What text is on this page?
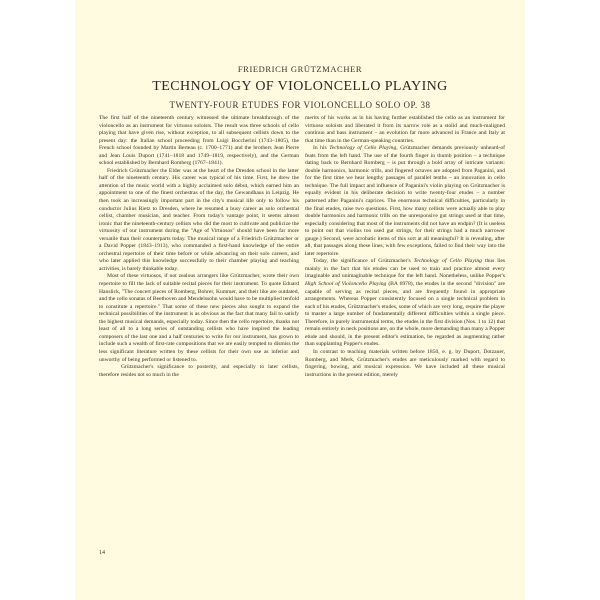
FRIEDRICH GRÜTZMACHER
TECHNOLOGY OF VIOLONCELLO PLAYING
TWENTY-FOUR ETUDES FOR VIOLONCELLO SOLO OP. 38

The first half of the nineteenth century witnessed the ultimate breakthrough of the violoncello as an instrument for virtuoso soloists. The result was three schools of cello playing that have given rise, without exception, to all subsequent cellists down to the present day: the Italian school proceeding from Luigi Boccherini (1743–1805), the French school founded by Martin Berteau (c. 1700–1771) and the brothers Jean Pierre and Jean Louis Duport (1741–1818 and 1749–1819, respectively), and the German school established by Bernhard Romberg (1767–1841).

Friedrich Grützmacher the Elder was at the heart of the Dresden school in the latter half of the nineteenth century. His career was typical of his time. First, he drew the attention of the music world with a highly acclaimed solo début, which earned him an appointment to one of the finest orchestras of the day, the Gewandhaus in Leipzig. He then took an increasingly important part in the city's musical life only to follow his conductor Julius Rietz to Dresden, where he resumed a busy career as solo orchestral cellist, chamber musician, and teacher. From today's vantage point, it seems almost ironic that the nineteenth-century cellists who did the most to cultivate and publicize the virtuosity of our instrument during the "Age of Virtuosos" should have been far more versatile than their counterparts today. The musical range of a Friedrich Grützmacher or a David Popper (1843–1913), who commanded a first-hand knowledge of the entire orchestral repertoire of their time before or while advancing on their solo careers, and who later applied this knowledge successfully to their chamber playing and teaching activities, is barely thinkable today.

Most of these virtuosos, if not zealous arrangers like Grützmacher, wrote their own repertoire to fill the lack of suitable recital pieces for their instrument. To quote Eduard Hanslick, "The concert pieces of Romberg, Bohrer, Kummer, and their like are outdated, and the cello sonatas of Beethoven and Mendelssohn would have to be multiplied tenfold to constitute a repertoire." That some of these new pieces also sought to expand the technical possibilities of the instrument is as obvious as the fact that many fail to satisfy the highest musical demands, especially today. Since then the cello repertoire, thanks not least of all to a long series of outstanding cellists who have inspired the leading composers of the last one and a half centuries to write for our instrument, has grown to include such a wealth of first-rate compositions that we are easily tempted to dismiss the less significant literature written by these cellists for their own use as inferior and unworthy of being performed or listened to.

Grützmacher's significance to posterity, and especially to later cellists, therefore resides not so much in the

merits of his works as in his having further established the cello as an instrument for virtuoso soloists and liberated it from its narrow role as a stolid and much-maligned continuo and bass instrument – an evolution far more advanced in France and Italy at that time than in the German-speaking countries.

In his Technology of Cello Playing, Grützmacher demands previously unheard-of feats from the left hand. The use of the fourth finger in thumb position – a technique dating back to Bernhard Romberg – is put through a bold array of intricate variants: double harmonics, harmonic trills, and fingered octaves are adopted from Paganini, and for the first time we hear lengthy passages of parallel tenths – an innovation in cello technique. The full impact and influence of Paganini's violin playing on Grützmacher is equally evident in his deliberate decision to write twenty-four etudes – a number patterned after Paganini's caprices. The enormous technical difficulties, particularly in the final etudes, raise two questions. First, how many cellists were actually able to play double harmonics and harmonic trills on the unresponsive gut strings used at that time, especially considering that most of the instruments did not have an endpin? (It is useless to point out that violins too used gut strings, for their strings had a much narrower gauge.) Second, were acrobatic items of this sort at all meaningful? It is revealing, after all, that passages along these lines, with few exceptions, failed to find their way into the later repertoire.

Today, the significance of Grützmacher's Technology of Cello Playing thus lies mainly in the fact that his etudes can be used to train and practice almost every imaginable and unimaginable technique for the left hand. Nonetheless, unlike Popper's High School of Violoncello Playing (BA 6978), the etudes in the second "division" are capable of serving as recital pieces, and are frequently found in appropriate arrangements. Whereas Popper consistently focused on a single technical problem in each of his etudes, Grützmacher's etudes, some of which are very long, require the player to master a large number of fundamentally different difficulties within a single piece. Therefore, in purely instrumental terms, the etudes in the first division (Nos. 1 to 12) that remain entirely in neck positions are, on the whole, more demanding than many a Popper etude and should, in the present editor's estimation, be regarded as augmenting rather than supplanting Popper's etudes.

In contrast to teaching materials written before 1850, e. g. by Duport, Dotzauer, Romberg, and Merk, Grützmacher's etudes are meticulously marked with regard to fingering, bowing, and musical expression. We have included all these musical instructions in the present edition, merely

14
